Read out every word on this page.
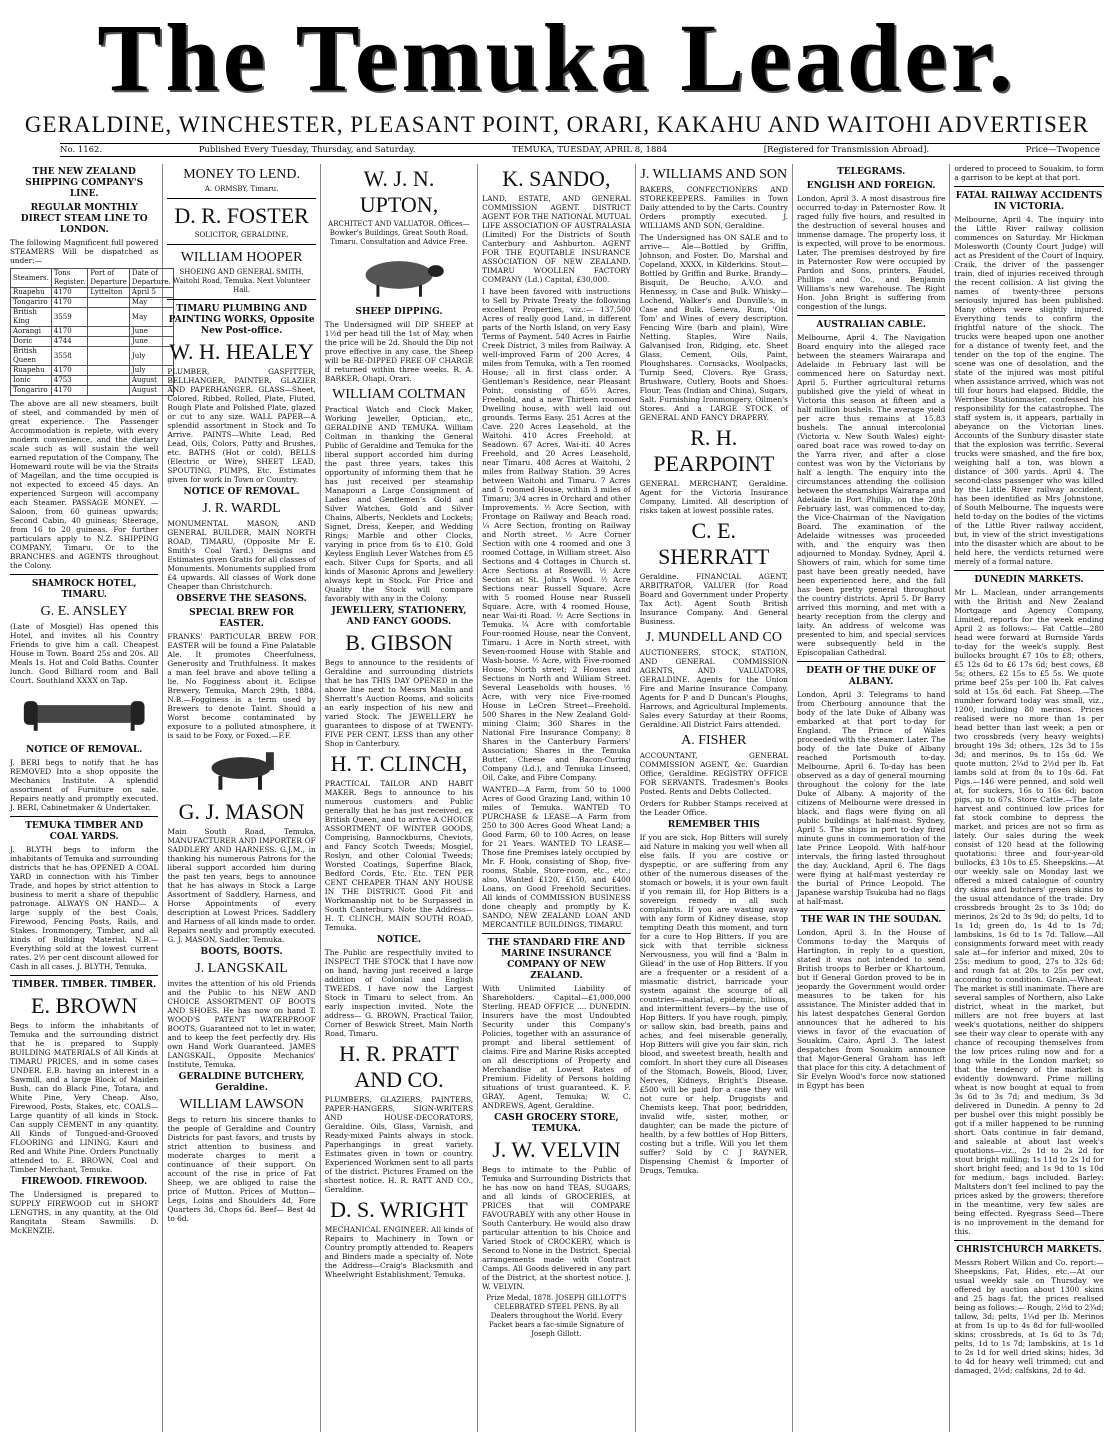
The Temuka Leader.
GERALDINE, WINCHESTER, PLEASANT POINT, ORARI, KAKAHU AND WAITOHI ADVERTISER
No. 1162.	Published Every Tuesday, Thursday, and Saturday.	TEMUKA, TUESDAY, APRIL 8, 1884	[Registered for Transmission Abroad].	Price—Twopence
THE NEW ZEALAND SHIPPING COMPANY'S LINE.
REGULAR MONTHLY DIRECT STEAM LINE TO LONDON.

The following Magnificent full powered STEAMERS Will be dispatched as under:—

Steamers.	Tons Register.	Port of Departure	Date of Departure.
Ruapehu	4170	Lyttelton	April 5
Tongariro	4170		May
British King	3559		May
Aorangi	4170		June
Doric	4744		June
British Queen	3558		July
Ruapehu	4170		July
Ionic	4753		August
Tongariro	4170		August

The above are all new steamers, built of steel, and commanded by men of great experience. The Passenger Accommodation is replete, with every modern convenience, and the dietary scale such as will sustain the well earned reputation of the Company. The Homeward route will be via the Straits of Magellan, and the time occupied is not expected to exceed 45 days. An experienced Surgeon will accompany each Steamer. PASSAGE MONEY. — Saloon, from 60 guineas upwards; Second Cabin, 40 guineas; Steerage, from 16 to 20 guineas. For further particulars apply to N.Z. SHIPPING COMPANY, Timaru, Or to the BRANCHES and AGENTS throughout the Colony.

SHAMROCK HOTEL, TIMARU.
G. E. ANSLEY

(Late of Mosgiel) Has opened this Hotel, and invites all his Country Friends to give him a call. Cheapest House in Town. Board 25s and 20s. All Meals 1s. Hot and Cold Baths. Counter lunch. Good Billiard room and Ball Court. Southland XXXX on Tap.

NOTICE OF REMOVAL.

J. BERI begs to notify that he has REMOVED Into a shop opposite the Mechanics Institute. A splendid assortment of Furniture on sale. Repairs neatly and promptly executed. J. BERI, Cabinetmaker & Undertaker.

TEMUKA TIMBER AND COAL YARDS.

J. BLYTH begs to inform the inhabitants of Temuka and surrounding districts that he has OPENED A COAL YARD in connection with his Timber Trade, and hopes by strict attention to business to merit a share of thepublic patronage. ALWAYS ON HAND— A large supply of the best Coals, Firewood, Fencing Posts, Rails, and Stakes. Ironmongery, Timber, and all kinds of Building Material. N.B.—Everything sold at the lowest current rates. 2½ per cent discount allowed for Cash in all cases. J. BLYTH, Temuka.

TIMBER. TIMBER. TIMBER.
E. BROWN

Begs to inform the inhabitants of Temuka and the surrounding district that he is prepared to Supply BUILDING MATERIALS of All Kinds at TIMARU PRICES, and in some cases UNDER. E.B. having an interest in a Sawmill, and a large Block of Maiden Bush, can do Black Pine, Totara, and White Pine, Very Cheap. Also, Firewood, Posts, Stakes, etc. COALS—Large quantity of all kinds in Stock. Can supply CEMENT in any quantity. All Kinds of Tongued-and-Grooved FLOORING and LINING, Kauri and Red and White Pine. Orders Punctually attended to. E. BROWN, Coal and Timber Merchant, Temuka.

FIREWOOD. FIREWOOD.

The Undersigned is prepared to SUPPLY FIREWOOD cut in SHORT LENGTHS, in any quantity, at the Old Rangitata Steam Sawmills. D. McKENZIE.

MONEY TO LEND.

A. ORMSBY, Timaru.

D. R. FOSTER

SOLICITOR, GERALDINE.

WILLIAM HOOPER

SHOEING AND GENERAL SMITH, Waitohi Road, Temuka. Next Volunteer Hall.

TIMARU PLUMBING AND PAINTING WORKS, Opposite New Post-office.
W. H. HEALEY

PLUMBER, GASFITTER, BELLHANGER, PAINTER, GLAZIER AND PAPERHANGER. GLASS—Sheet, Colored, Ribbed, Rolled, Plate, Fluted, Rough Plate and Polished Plate, glazed or cut to any size. WALL PAPER—A splendid assortment in Stock and To Arrive. PAINTS—White Lead, Red Lead, Oils, Colors, Putty and Brushes, etc. BATHS (Hot or cold), BELLS (Electric or Wire), SHEET LEAD, SPOUTING, PUMPS, Etc. Estimates given for work in Town or Country.

NOTICE OF REMOVAL.
J. R. WARDL

MONUMENTAL MASON, AND GENERAL BUILDER, MAIN NORTH ROAD, TIMARU, (Opposite Mr E. Smith's Coal Yard.) Designs and Estimates given Gratis for all classes of Monuments. Monuments supplied from £4 upwards. All classes of Work done Cheaper than Christchurch.

OBSERVE THE SEASONS.
SPECIAL BREW FOR EASTER.

FRANKS' PARTICULAR BREW FOR EASTER will be found a Fine Palatable Ale. It promotes Cheerfulness, Generosity and Truthfulness. It makes a man feel brave and above telling a lie. No Fogginess about it. Eclipse Brewery, Temuka, March 29th, 1884. N.B.—Fogginess is a term used by Brewers to denote Taint. Should a Worst become contaminated by exposure to a polluted atmosphere, it is said to be Foxy, or Foxed.—F.F.

G. J. MASON

Main South Road, Temuka, MANUFACTURER AND IMPORTER OF SADDLERY AND HARNESS. G.J.M., in thanking his numerous Patrons for the liberal support accorded him during the past ten years, begs to announce that he has always in Stock a Large Assortment of Saddlery, Harness, and Horse Appointments of every description at Lowest Prices. Saddlery and Harness of all kinds made to order. Repairs neatly and promptly executed. G. J. MASON, Saddler, Temuka.

BOOTS, BOOTS.
J. LANGSKAIL

invites the attention of his old Friends and the Public to his NEW AND CHOICE ASSORTMENT OF BOOTS AND SHOES. He has now on hand T. WOOD'S PATENT WATERPROOF BOOTS, Guaranteed not to let in water, and to keep the feet perfectly dry. His own Hand Work Guaranteed. JAMES LANGSKAIL, Opposite Mechanics' Institute, Temuka.

GERALDINE BUTCHERY, Geraldine.
WILLIAM LAWSON

Begs to return his sincere thanks to the people of Geraldine and Country Districts for past favors, and trusts by strict attention to business and moderate charges to merit a continuance of their support. On account of the rise in price of Fat Sheep, we are obliged to raise the price of Mutton. Prices of Mutton— Legs, Loins and Shoulders 4d, Fore Quarters 3d, Chops 6d. Beef— Best 4d to 6d.

W. J. N. UPTON,

ARCHITECT AND VALUATOR. Offices—Bowker's Buildings, Great South Road, Timaru. Consultation and Advice Free.

SHEEP DIPPING.

The Undersigned will DIP SHEEP at 1½d per head till the 1st of May, when the price will be 2d. Should the Dip not prove effective in any case, the Sheep will be RE-DIPPED FREE OF CHARGE if returned within three weeks. R. A. BARKER, Ohapi, Orari.

WILLIAM COLTMAN

Practical Watch and Clock Maker, Working Jeweller, Optician, etc., GERALDINE AND TEMUKA. William Coltman in thanking the General Public of Geraldine and Temuka for the liberal support accorded him during the past three years, takes this opportunity of informing them that he has just received per steamship Manapouri a Large Consignment of Ladies and Gentlemen's Gold and Silver Watches, Gold and Silver Chains, Alberts, Necklets and Lockets; Signet, Dress, Keeper, and Wedding Rings; Marble and other Clocks, varying in price from 6s to £10. Gold Keyless English Lever Watches from £5 each. Silver Cups for Sports, and all kinds of Masonic Aprons and Jewellery always kept in Stock. For Price and Quality the Stock will compare favorably with any in the Colony.

JEWELLERY, STATIONERY, AND FANCY GOODS.
B. GIBSON

Begs to announce to the residents of Geraldine and surrounding districts that he has THIS DAY OPENED in the above line next to Messrs Maslin and Sherratt's Auction Rooms, and solicits an early inspection of his new and varied Stock. The JEWELLERY he guarantees to dispose of at TWENTY-FIVE PER CENT. LESS than any other Shop in Canterbury.

H. T. CLINCH,

PRACTICAL TAILOR AND HABIT MAKER. Begs to announce to his numerous customers and Public generally that he has just received, ex British Queen, and to arrive A CHOICE ASSORTMENT OF WINTER GOODS, Comprising, Bannockburns, Cheviots, and Fancy Scotch Tweeds; Mosgiel, Roslyn, and other Colonial Tweeds; Worsted Coatings, Superfine Black, Bedford Cords, Etc. Etc. TEN PER CENT CHEAPER THAN ANY HOUSE IN THE DISTRICT. Good Fit and Workmanship not to be Surpassed in South Canterbury. Note the Address— H. T. CLINCH, MAIN SOUTH ROAD, Temuka.

NOTICE.

The Public are respectfully invited to INSPECT THE STOCK that I have now on hand, having just received a large addition of Colonial and English TWEEDS. I have now the Largest Stock in Timaru to select from. An early inspection invited. Note the address— G. BROWN, Practical Tailor, Corner of Beswick Street, Main North Road, Timaru.

H. R. PRATT AND CO.

PLUMBERS, GLAZIERS, PAINTERS, PAPER-HANGERS, SIGN-WRITERS AND HOUSE-DECORATORS, Geraldine. Oils, Glass, Varnish, and Ready-mixed Paints always in stock. Paperhangings in great variety. Estimates given in town or country. Experienced Workmen sent to all parts of the district. Pictures Framed on the shortest notice. H. R. RATT AND CO., Geraldine.

D. S. WRIGHT

MECHANICAL ENGINEER. All kinds of Repairs to Machinery in Town or Country promptly attended to. Reapers and Binders made a specialty of. Note the Address—Craig's Blacksmith and Wheelwright Establishment, Temuka.

K. SANDO,

LAND, ESTATE, AND GENERAL COMMISSION AGENT. DISTRICT AGENT FOR THE NATIONAL MUTUAL LIFE ASSOCIATION OF AUSTRALASIA (Limited) For the Districts of South Canterbury and Ashburton. AGENT FOR THE EQUITABLE INSURANCE ASSOCIATION OF NEW ZEALAND. TIMARU WOOLLEN FACTORY COMPANY (Ld.) Capital, £30,000.

I have been favored with instructions to Sell by Private Treaty the following excellent Properties, viz.:— 137,500 Acres of really good Land, in different parts of the North Island, on very Easy Terms of Payment. 540 Acres in Fairlie Creek District, 3 miles from Railway. A well-improved Farm of 200 Acres, 4 miles from Temuka, with a Ten roomed House; all in first class order. A Gentleman's Residence, near Pleasant Point, consisting of 65½ Acres, Freehold, and a new Thirteen roomed Dwelling house, with well laid out grounds. Terms Easy. 251 Acres at the Cave. 220 Acres Leasehold, at the Waitohi. 410 Acres Freehold, at Seadown. 67 Acres, Wai-iti. 40 Acres Freehold, and 20 Acres Leasehold, near Timaru. 408 Acres at Waitohi, 2 miles from Railway Station. 39 Acres between Waitohi and Timaru. 7 Acres and 5 roomed House, within 3 miles of Timaru; 3/4 acres in Orchard and other Improvements. ½ Acre Section, with Frontage on Railway and Beach road. ¼ Acre Section, fronting on Railway and North street. ½ Acre Corner Section with one 4 roomed and one 3 roomed Cottage, in William street. Also Sections and 4 Cottages in Church st. Acre Sections at Rosewill. ½ Acre Section at St. John's Wood. ½ Acre Sections near Russell Square. Acre with 5 roomed House near Russell Square. Acre, with 4 roomed House, near Wai-iti Road. ½ Acre Sections in Temuka. ¼ Acre with comfortable Four-roomed House, near the Convent, Timaru. 1 Acre in North street, with Seven-roomed House with Stable and Wash-house. ½ Acre, with Five-roomed House, North street; 2 Houses and Sections in North and William Street. Several Leaseholds with houses. ½ Acre, with very nice Five-roomed House in LeCren Street—Freehold. 500 Shares in the New Zealand Gold-mining Claim; 360 Shares in the National Fire Insurance Company; 8 Shares in the Canterbury Farmers' Association; Shares in the Temuka Butter, Cheese and Bacon-Curing Company (Ld.), and Temuka Linseed, Oil, Cake, and Fibre Company.

WANTED—A Farm, from 50 to 1000 Acres of Good Grazing Land, within 10 miles of Temuka. WANTED TO PURCHASE & LEASE—A Farm from 250 to 300 Acres Good Wheat Land; a Good Farm, 60 to 100 Acres, on lease for 21 Years. WANTED TO LEASE—Those fine Premises lately occupied by Mr. F. Hook, consisting of Shop, five-rooms, Stable, Store-room, etc., etc.; also, Wanted £120, £150, and £400 Loans, on Good Freehold Securities. All kinds of COMMISSION BUSINESS done cheaply and promptly by K. SANDO, NEW ZEALAND LOAN AND MERCANTILE BUILDINGS, TIMARU.

THE STANDARD FIRE AND MARINE INSURANCE COMPANY OF NEW ZEALAND.

With Unlimited Liability of Shareholders. Capital—£1,000,000 Sterling. HEAD OFFICE .... DUNEDIN. Insurers have the most Undoubted Security under this Company's Policies, together with an assurance of prompt and liberal settlement of claims. Fire and Marine Risks accepted on all descriptions of Property and Merchandise at Lowest Rates of Premium. Fidelity of Persons holding situations of trust guaranteed. K. F. GRAY, Agent, Temuka; W. C. ANDREWS, Agent, Geraldine.

CASH GROCERY STORE, TEMUKA.
J. W. VELVIN

Begs to intimate to the Public of Temuka and Surrounding Districts that he has now on hand TEAS, SUGARS, and all kinds of GROCERIES, at PRICES that will COMPARE FAVOURABLY with any other House in South Canterbury. He would also draw particular attention to his Choice and Varied Stock of CROCKERY, which is Second to None in the District. Special arrangements made with Contract Camps. All Goods delivered in any part of the District, at the shortest notice. J. W. VELVIN.

Prize Medal, 1878. JOSEPH GILLOTT'S CELEBRATED STEEL PENS. By all Dealers throughout the World. Every Packet bears a fac-simile Signature of Joseph Gillott.

J. WILLIAMS AND SON

BAKERS, CONFECTIONERS AND STOREKEEPERS. Families in Town Daily attended to by the Carts. Country Orders promptly executed. J. WILLIAMS AND SON, Geraldine.

The Undersigned has ON SALE and to arrive— Ale—Bottled by Griffin, Johnson, and Foster. Do, Marshal and Copeland, XXXX, in Kilderkins. Stout—Bottled by Griffin and Burke. Brandy—Bisquit, De Beucho, A.V.O. and Hennessy, in Case and Bulk. Whisky—Lochend, Walker's and Dunville's, in Case and Bulk. Geneva, Rum, 'Old Tom' and Wines of every description. Fencing Wire (barb and plain), Wire Netting. Staples, Wire Nails, Galvanised Iron, Ridging, etc. Sheet Glass, Cement, Oils, Paint, Ploughshares. Cornsacks, Woolpacks, Turnip Seed, Clovers. Rye Grass, Brushware, Cutlery, Boots and Shoes. Flour, Teas (Indian and China), Sugars, Salt. Furnishing Ironmongery. Oilmen's Stores. And a LARGE STOCK of GENERAL AND FANCY DRAPERY.

R. H. PEARPOINT

GENERAL MERCHANT, Geraldine. Agent for the Victoria Insurance Company, Limited. All description of risks taken at lowest possible rates.

C. E. SHERRATT

Geraldine. FINANCIAL AGENT, ARBITRATOR, VALUER (for Road Board and Government under Property Tax Act). Agent South British Insurance Company. And General Business.

J. MUNDELL AND CO

AUCTIONEERS, STOCK, STATION, AND GENERAL COMMISSION AGENTS, AND VALUATORS, GERALDINE. Agents for the Union Fire and Marine Insurance Company. Agents for P and D Duncan's Ploughs, Harrows, and Agricultural Implements. Sales every Saturday at their Rooms, Geraldine. All District Fairs attended.

A. FISHER

ACCOUNTANT, GENERAL COMMISSION AGENT, &c. Guardian Office, Geraldine. REGISTRY OFFICE FOR SERVANTS. Tradesmen's Books Posted. Rents and Debts Collected.

Orders for Rubber Stamps received at the Leader Office.

REMEMBER THIS

If you are sick, Hop Bitters will surely aid Nature in making you well when all else fails. If you are costive or dyspeptic, or are suffering from any other of the numerous diseases of the stomach or bowels, it is your own fault if you remain ill, for Hop Bitters is a sovereign remedy in all such complaints. If you are wasting away with any form of Kidney disease, stop tempting Death this moment, and turn for a cure to Hop Bitters. If you are sick with that terrible sickness Nervousness, you will find a 'Balm in Gilead' in the use of Hop Bitters. If you are a frequenter or a resident of a miasmatic district, barricade your system against the scourge of all countries—malarial, epidemic, bilious, and intermittent fevers—by the use of Hop Bitters. If you have rough, pimply, or sallow skin, bad breath, pains and aches, and feel miserable generally, Hop Bitters will give you fair skin, rich blood, and sweetest breath, health and comfort. In short they cure all Diseases of the Stomach, Bowels, Blood, Liver, Nerves, Kidneys, Bright's Disease. £500 will be paid for a case they will not cure or help. Druggists and Chemists keep. That poor, bedridden, invalid wife, sister, mother, or daughter, can be made the picture of health, by a few bottles of Hop Bitters, costing but a trifle. Will you let them suffer? Sold by C J RAYNER, Dispensing Chemist & Importer of Drugs, Temuka.

TELEGRAMS.
ENGLISH AND FOREIGN.

London, April 3. A most disastrous fire occurred to-day in Paternoster Row. It raged fully five hours, and resulted in the destruction of several houses and immense damage. The property loss, it is expected, will prove to be enormous. Later. The premises destroyed by fire in Paternoster Row were occupied by Pardon and Sons, printers, Faudel, Phillips and Co., and Benjamin Williams's new warehouse. The Right Hon. John Bright is suffering from congestion of the lungs.

AUSTRALIAN CABLE.

Melbourne, April 4. The Navigation Board enquiry into the alleged race between the steamers Wairarapa and Adelaide in February last will be commenced here on Saturday next. April 5. Further agricultural returns published give the yield of wheat in Victoria this season at fifteen and a half million bushels. The average yield per acre thus remains at 15.83 bushels. The annual intercolonial (Victoria v. New South Wales) eight-oared boat race was rowed to-day on the Yarra river, and after a close contest was won by the Victorians by half a length. The enquiry into the circumstances attending the collision between the steamships Wairarapa and Adelaide in Port Phillip, on the 20th February last, was commenced to-day, the Vice-Chairman of the Navigation Board. The examination of the Adelaide witnesses was proceeded with, and the enquiry was then adjourned to Monday. Sydney, April 4. Showers of rain, which for some time past have been greatly needed, have been experienced here, and the fall has been pretty general throughout the country districts. April 5. Dr Barry arrived this morning, and met with a hearty reception from the clergy and laity. An address of welcome was presented to him, and special services were subsequently held in the Episcopalian Cathedral.

DEATH OF THE DUKE OF ALBANY.

London, April 3. Telegrams to hand from Cherbourg announce that the body of the late Duke of Albany was embarked at that port to-day for England. The Prince of Wales proceeded with the steamer. Later. The body of the late Duke of Albany reached Portsmouth to-day. Melbourne, April 6. To-day has been observed as a day of general mourning throughout the colony for the late Duke of Albany. A majority of the citizens of Melbourne were dressed in black, and flags were flying on all public buildings at half-mast. Sydney, April 5. The ships in port to-day fired minute guns in commemoration of the late Prince Leopold. With half-hour intervals, the firing lasted throughout the day. Auckland, April 6. The flags were flying at half-mast yesterday re the burial of Prince Leopold. The Japanese warship Tsukuba had no flags at half-mast.

THE WAR IN THE SOUDAN.

London, April 3. In the House of Commons to-day the Marquis of Hartington, in reply to a question, stated it was not intended to send British troops to Berber or Khartoum, but if General Gordon proved to be in jeopardy the Government would order measures to be taken for his assistance. The Minister added that in his latest despatches General Gordon announces that he adhered to his views in favor of the evacuation of Souakim. Cairo, April 3. The latest despatches from Souakim announce that Major-General Graham has left that place for this city. A detachment of Sir Evelyn Wood's force now stationed in Egypt has been

ordered to proceed to Souakim, to form a garrison to be kept at that port.

FATAL RAILWAY ACCIDENTS IN VICTORIA.

Melbourne, April 4. The inquiry into the Little River railway collision commences on Saturday. Mr Hickman Molesworth (County Court Judge) will act as President of the Court of Inquiry. Craik, the driver of the passenger train, died of injuries received through the recent collision. A list giving the names of twenty-three persons seriously injured has been published. Many others were slightly injured. Everything tends to confirm the frightful nature of the shock. The trucks were heaped upon one another for a distance of twenty feet, and the tender on the top of the engine. The scene was one of desolation, and the state of the injured was most pitiful when assistance arrived, which was not till four hours had elapsed. Biddle, the Werribee Stationmaster, confessed his responsibility for the catastrophe. The staff system is, it appears, partially in abeyance on the Victorian lines. Accounts of the Sunbury disaster state that the explosion was terrific. Several trucks were smashed, and the fire box, weighing half a ton, was blown a distance of 300 yards. April 4. The second-class passenger who was killed by the Little River railway accident, has been identified as Mrs Johnstone, of South Melbourne. The inquests were held to-day on the bodies of the victims of the Little River railway accident, but, in view of the strict investigations into the disaster which are about to be held here, the verdicts returned were merely of a formal nature.

DUNEDIN MARKETS.

Mr L. Maclean, under arrangements with the British and New Zealand Mortgage and Agency Company, Limited, reports for the week ending April 2 as follows:— Fat Cattle—280 head were forward at Burnside Yards to-day for the week's supply. Best bullocks brought £7 10s to £8; others, £5 12s 6d to £6 17s 6d; best cows, £8 5s; others, £2 15s to £5 5s. We quote prime beef 25s per 100 lb. Fat calves sold at 15s 6d each. Fat Sheep.—The number forward today was small, viz., 1200, including 80 merinos. Prices realised were no more than 1s per head better than last week; a pen or two crossbreds (very heavy weights) brought 19s 3d; others, 12s 3d to 15s 3d; and merinos, 9s to 15s 6d. We quote mutton, 2¼d to 2½d per lb. Fat lambs sold at from 8s to 10s 6d. Fat Pigs.—146 were penned, and sold well at, for suckers, 16s to 16s 6d; bacon pigs, up to 67s. Store Cattle.—The late harvest and continued low prices for fat stock combine to depress the market, and prices are not so firm as lately. Our sales during the week consist of 120 head at the following quotations: three and four-year-old bullocks, £3 10s to £5. Sheepskins.—At our weekly sale on Monday last we offered a mixed catalogue of country dry skins and butchers' green skins to the usual attendance of the trade. Dry crossbreds brought 2s to 3s 10d; do merinos, 2s 2d to 3s 9d; do pelts, 1d to 1s 1d; green do, 1s 4d to 1s 7d; lambskins, 1s 6d to 1s 7d. Tallow.—All consignments forward meet with ready sale at—for inferior and mixed, 20s to 25s; medium to good, 27s to 32s 6d; and rough fat at 20s to 25s per cwt, according to condition. Grain.—Wheat: The market is still inanimate. There are several samples of Northern, also Lake district, wheat in the market, but millers are not free buyers at last week's quotations, neither do shippers see their way clear to operate with any chance of recouping themselves from the low prices ruling now and for a long while in the London market; so that the tendency of the market is evidently downward. Prime milling wheat is now bought at equal to from 3s 6d to 3s 7d; and medium, 3s 3d delivered in Dunedin. A penny to 2d per bushel over this might possibly be got if a miller happened to be running short. Oats continue in fair demand, and saleable at about last week's quotations—viz., 2s 1d to 2s 2d for stout bright milling; 1s 11d to 2s 1d for short bright feed; and 1s 9d to 1s 10d for medium, bags included. Barley: Maltsters don't feel inclined to pay the prices asked by the growers; therefore in the meantime, very few sales are being effected. Ryegrass Seed—There is no improvement in the demand for this.

CHRISTCHURCH MARKETS.

Messrs Robert Wilkin and Co. report:— Sheepskins, Fat, Hides, etc.—At our usual weekly sale on Thursday we offered by auction about 1300 skins and 25 bags fat, the prices realised being as follows:— Rough, 2½d to 2¾d; tallow, 3d; pelts, 1¼d per lb. Merinos at from 1s up to 4s 8d for full-woolled skins; crossbreds, at 1s 6d to 3s 7d; pelts, 1d to 1s 7d; lambskins, at 1s 1d to 2s 1d for well dried skins; hides, 3d to 4d for heavy well trimmed; cut and damaged, 2½d; calfskins, 2d to 4d.
